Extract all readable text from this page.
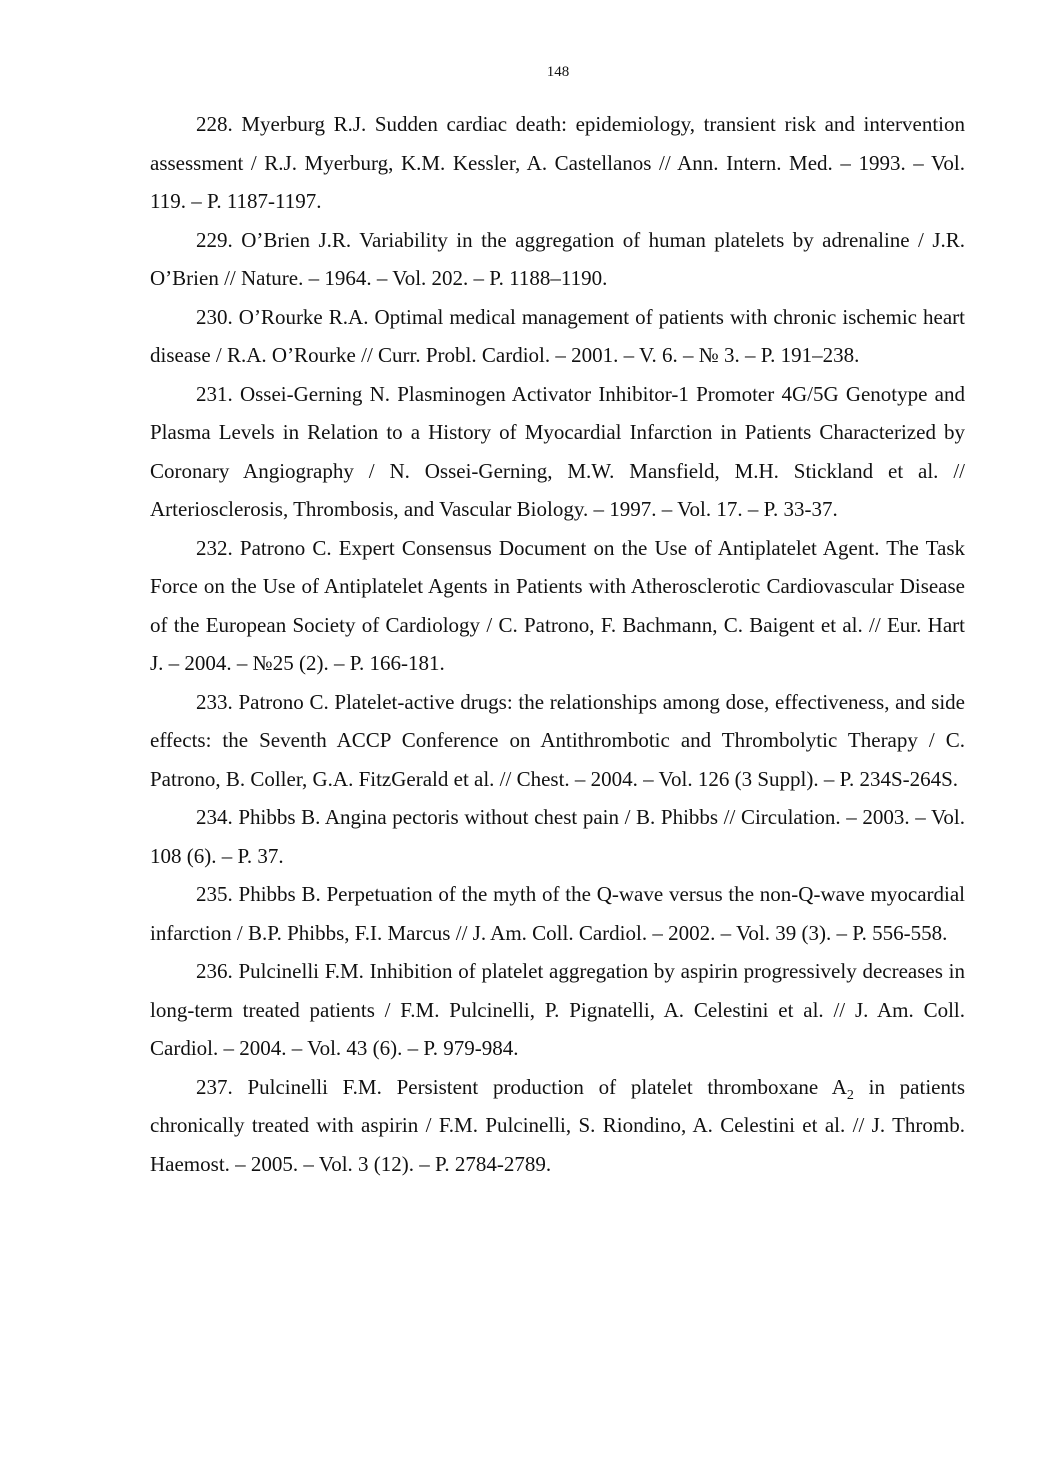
148
228. Myerburg R.J. Sudden cardiac death: epidemiology, transient risk and intervention assessment / R.J. Myerburg, K.M. Kessler, A. Castellanos // Ann. Intern. Med. – 1993. – Vol. 119. – P. 1187-1197.
229. O’Brien J.R. Variability in the aggregation of human platelets by adrenaline / J.R. O’Brien // Nature. – 1964. – Vol. 202. – P. 1188–1190.
230. O’Rourke R.A. Optimal medical management of patients with chronic ischemic heart disease / R.A. O’Rourke // Curr. Probl. Cardiol. – 2001. – V. 6. – № 3. – P. 191–238.
231. Ossei-Gerning N. Plasminogen Activator Inhibitor-1 Promoter 4G/5G Genotype and Plasma Levels in Relation to a History of Myocardial Infarction in Patients Characterized by Coronary Angiography / N. Ossei-Gerning, M.W. Mansfield, M.H. Stickland et al. // Arteriosclerosis, Thrombosis, and Vascular Biology. – 1997. – Vol. 17. – P. 33-37.
232. Patrono C. Expert Consensus Document on the Use of Antiplatelet Agent. The Task Force on the Use of Antiplatelet Agents in Patients with Atherosclerotic Cardiovascular Disease of the European Society of Cardiology / C. Patrono, F. Bachmann, C. Baigent et al. // Eur. Hart J. – 2004. – №25 (2). – P. 166-181.
233. Patrono C. Platelet-active drugs: the relationships among dose, effectiveness, and side effects: the Seventh ACCP Conference on Antithrombotic and Thrombolytic Therapy / C. Patrono, B. Coller, G.A. FitzGerald et al. // Chest. – 2004. – Vol. 126 (3 Suppl). – P. 234S-264S.
234. Phibbs B. Angina pectoris without chest pain / B. Phibbs // Circulation. – 2003. – Vol. 108 (6). – P. 37.
235. Phibbs B. Perpetuation of the myth of the Q-wave versus the non-Q-wave myocardial infarction / B.P. Phibbs, F.I. Marcus // J. Am. Coll. Cardiol. – 2002. – Vol. 39 (3). – P. 556-558.
236. Pulcinelli F.M. Inhibition of platelet aggregation by aspirin progressively decreases in long-term treated patients / F.M. Pulcinelli, P. Pignatelli, A. Celestini et al. // J. Am. Coll. Cardiol. – 2004. – Vol. 43 (6). – P. 979-984.
237. Pulcinelli F.M. Persistent production of platelet thromboxane $A_2$ in patients chronically treated with aspirin / F.M. Pulcinelli, S. Riondino, A. Celestini et al. // J. Thromb. Haemost. – 2005. – Vol. 3 (12). – P. 2784-2789.
